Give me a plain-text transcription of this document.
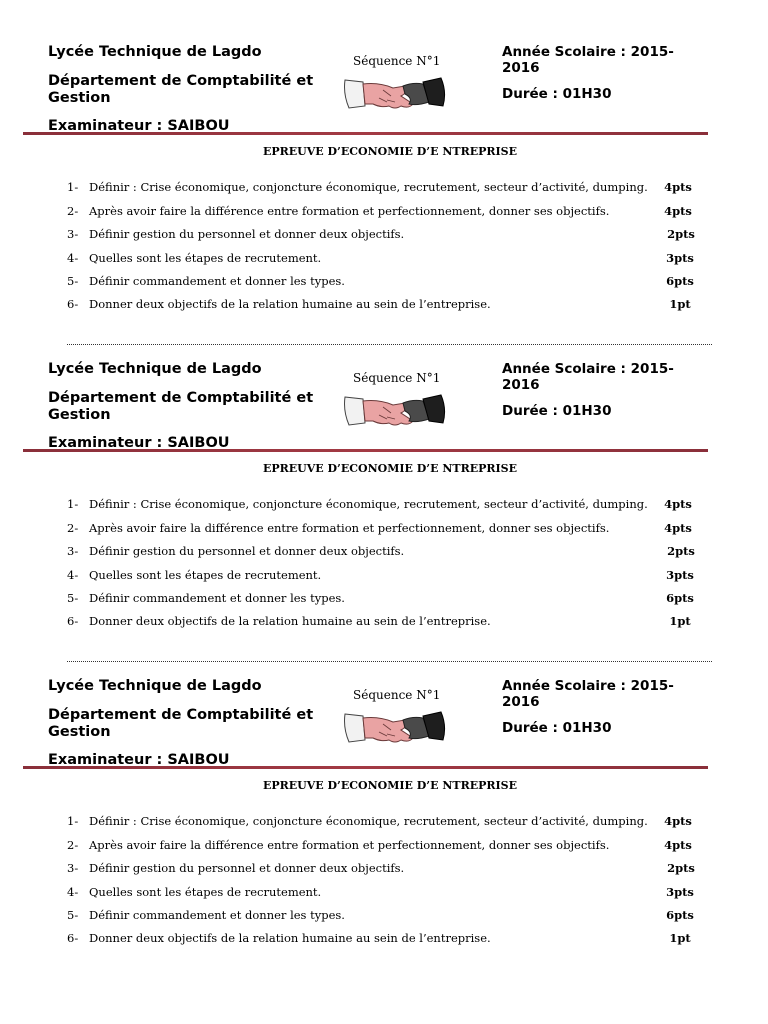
Lycée Technique de Lagdo
Département de Comptabilité et Gestion
Examinateur : SAIBOU
Séquence N°1
Année Scolaire : 2015-2016
Durée : 01H30
EPREUVE D’ECONOMIE D’E NTREPRISE
1- Définir : Crise économique, conjoncture économique, recrutement, secteur d’activité, dumping.	4pts
2- Après avoir faire la différence entre formation et perfectionnement, donner ses objectifs.	4pts
3- Définir gestion du personnel et donner deux objectifs.	2pts
4- Quelles sont les étapes de recrutement.	3pts
5- Définir commandement et donner les types.	6pts
6- Donner deux objectifs de la relation humaine au sein de l’entreprise.	1pt
Lycée Technique de Lagdo
Département de Comptabilité et Gestion
Examinateur : SAIBOU
Séquence N°1
Année Scolaire : 2015-2016
Durée : 01H30
EPREUVE D’ECONOMIE D’E NTREPRISE
1- Définir : Crise économique, conjoncture économique, recrutement, secteur d’activité, dumping.	4pts
2- Après avoir faire la différence entre formation et perfectionnement, donner ses objectifs.	4pts
3- Définir gestion du personnel et donner deux objectifs.	2pts
4- Quelles sont les étapes de recrutement.	3pts
5- Définir commandement et donner les types.	6pts
6- Donner deux objectifs de la relation humaine au sein de l’entreprise.	1pt
Lycée Technique de Lagdo
Département de Comptabilité et Gestion
Examinateur : SAIBOU
Séquence N°1
Année Scolaire : 2015-2016
Durée : 01H30
EPREUVE D’ECONOMIE D’E NTREPRISE
1- Définir : Crise économique, conjoncture économique, recrutement, secteur d’activité, dumping.	4pts
2- Après avoir faire la différence entre formation et perfectionnement, donner ses objectifs.	4pts
3- Définir gestion du personnel et donner deux objectifs.	2pts
4- Quelles sont les étapes de recrutement.	3pts
5- Définir commandement et donner les types.	6pts
6- Donner deux objectifs de la relation humaine au sein de l’entreprise.	1pt
